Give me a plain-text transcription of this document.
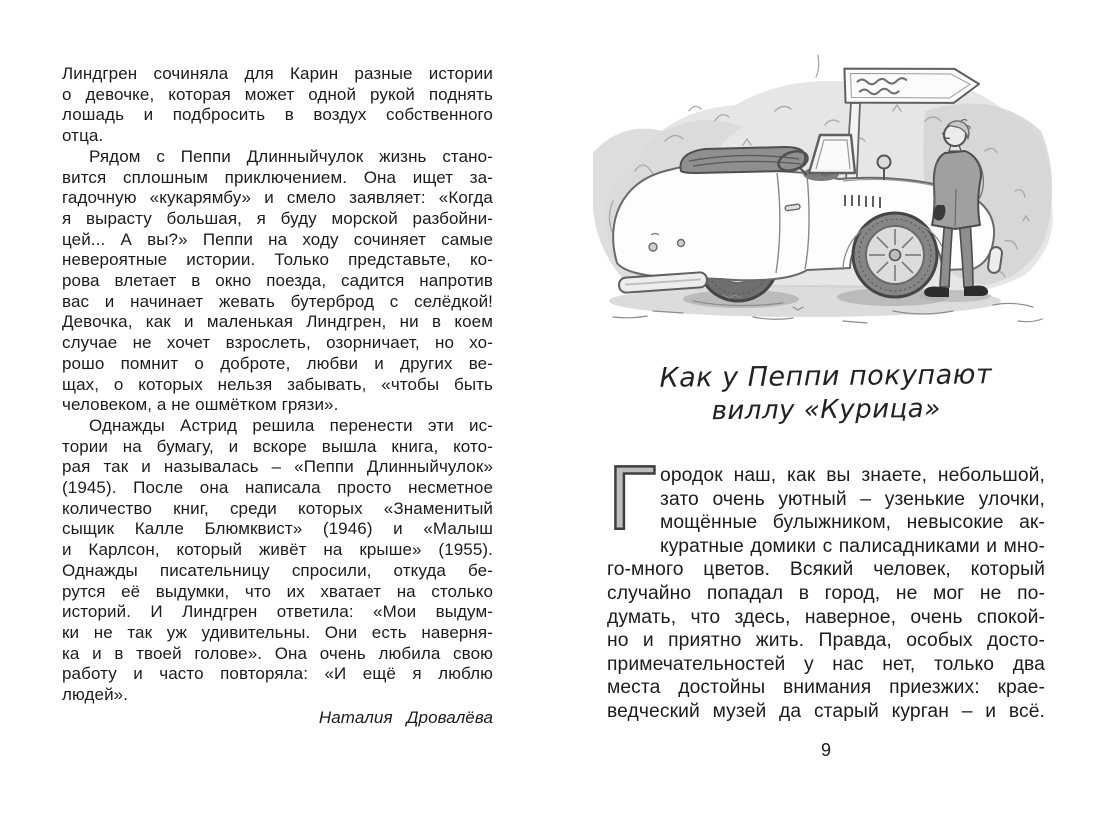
Линдгрен сочиняла для Карин разные истории
о девочке, которая может одной рукой поднять
лошадь и подбросить в воздух собственного
отца.
Рядом с Пеппи Длинныйчулок жизнь стано-
вится сплошным приключением. Она ищет за-
гадочную «кукарямбу» и смело заявляет: «Когда
я вырасту большая, я буду морской разбойни-
цей... А вы?» Пеппи на ходу сочиняет самые
невероятные истории. Только представьте, ко-
рова влетает в окно поезда, садится напротив
вас и начинает жевать бутерброд с селёдкой!
Девочка, как и маленькая Линдгрен, ни в коем
случае не хочет взрослеть, озорничает, но хо-
рошо помнит о доброте, любви и других ве-
щах, о которых нельзя забывать, «чтобы быть
человеком, а не ошмётком грязи».
Однажды Астрид решила перенести эти ис-
тории на бумагу, и вскоре вышла книга, кото-
рая так и называлась – «Пеппи Длинныйчулок»
(1945). После она написала просто несметное
количество книг, среди которых «Знаменитый
сыщик Калле Блюмквист» (1946) и «Малыш
и Карлсон, который живёт на крыше» (1955).
Однажды писательницу спросили, откуда бе-
рутся её выдумки, что их хватает на столько
историй. И Линдгрен ответила: «Мои выдум-
ки не так уж удивительны. Они есть наверня-
ка и в твоей голове». Она очень любила свою
работу и часто повторяла: «И ещё я люблю
людей».
Наталия Дровалёва
Как у Пеппи покупают
виллу «Курица»
Г ородок наш, как вы знаете, небольшой,
зато очень уютный – узенькие улочки,
мощённые булыжником, невысокие ак-
куратные домики с палисадниками и мно-
го-много цветов. Всякий человек, который
случайно попадал в город, не мог не по-
думать, что здесь, наверное, очень спокой-
но и приятно жить. Правда, особых досто-
примечательностей у нас нет, только два
места достойны внимания приезжих: крае-
ведческий музей да старый курган – и всё.
9
